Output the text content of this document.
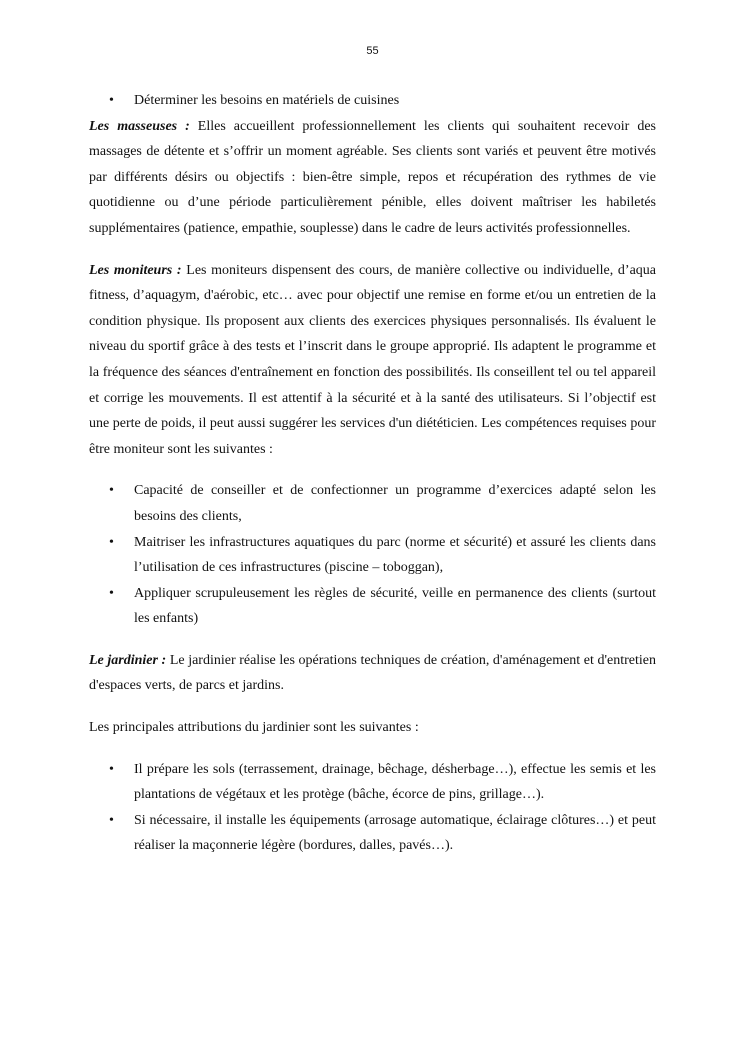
55
• Déterminer les besoins en matériels de cuisines

Les masseuses : Elles accueillent professionnellement les clients qui souhaitent recevoir des massages de détente et s’offrir un moment agréable. Ses clients sont variés et peuvent être motivés par différents désirs ou objectifs : bien-être simple, repos et récupération des rythmes de vie quotidienne ou d’une période particulièrement pénible, elles doivent maîtriser les habiletés supplémentaires (patience, empathie, souplesse) dans le cadre de leurs activités professionnelles.

Les moniteurs : Les moniteurs dispensent des cours, de manière collective ou individuelle, d’aqua fitness, d’aquagym, d'aérobic, etc… avec pour objectif une remise en forme et/ou un entretien de la condition physique. Ils proposent aux clients des exercices physiques personnalisés. Ils évaluent le niveau du sportif grâce à des tests et l’inscrit dans le groupe approprié. Ils adaptent le programme et la fréquence des séances d'entraînement en fonction des possibilités. Ils conseillent tel ou tel appareil et corrige les mouvements. Il est attentif à la sécurité et à la santé des utilisateurs. Si l’objectif est une perte de poids, il peut aussi suggérer les services d'un diététicien. Les compétences requises pour être moniteur sont les suivantes :

• Capacité de conseiller et de confectionner un programme d’exercices adapté selon les besoins des clients,
• Maitriser les infrastructures aquatiques du parc (norme et sécurité) et assuré les clients dans l’utilisation de ces infrastructures (piscine – toboggan),
• Appliquer scrupuleusement les règles de sécurité, veille en permanence des clients (surtout les enfants)

Le jardinier : Le jardinier réalise les opérations techniques de création, d'aménagement et d'entretien d'espaces verts, de parcs et jardins.

Les principales attributions du jardinier sont les suivantes :

• Il prépare les sols (terrassement, drainage, bêchage, désherbage…), effectue les semis et les plantations de végétaux et les protège (bâche, écorce de pins, grillage…).
• Si nécessaire, il installe les équipements (arrosage automatique, éclairage clôtures…) et peut réaliser la maçonnerie légère (bordures, dalles, pavés…).
